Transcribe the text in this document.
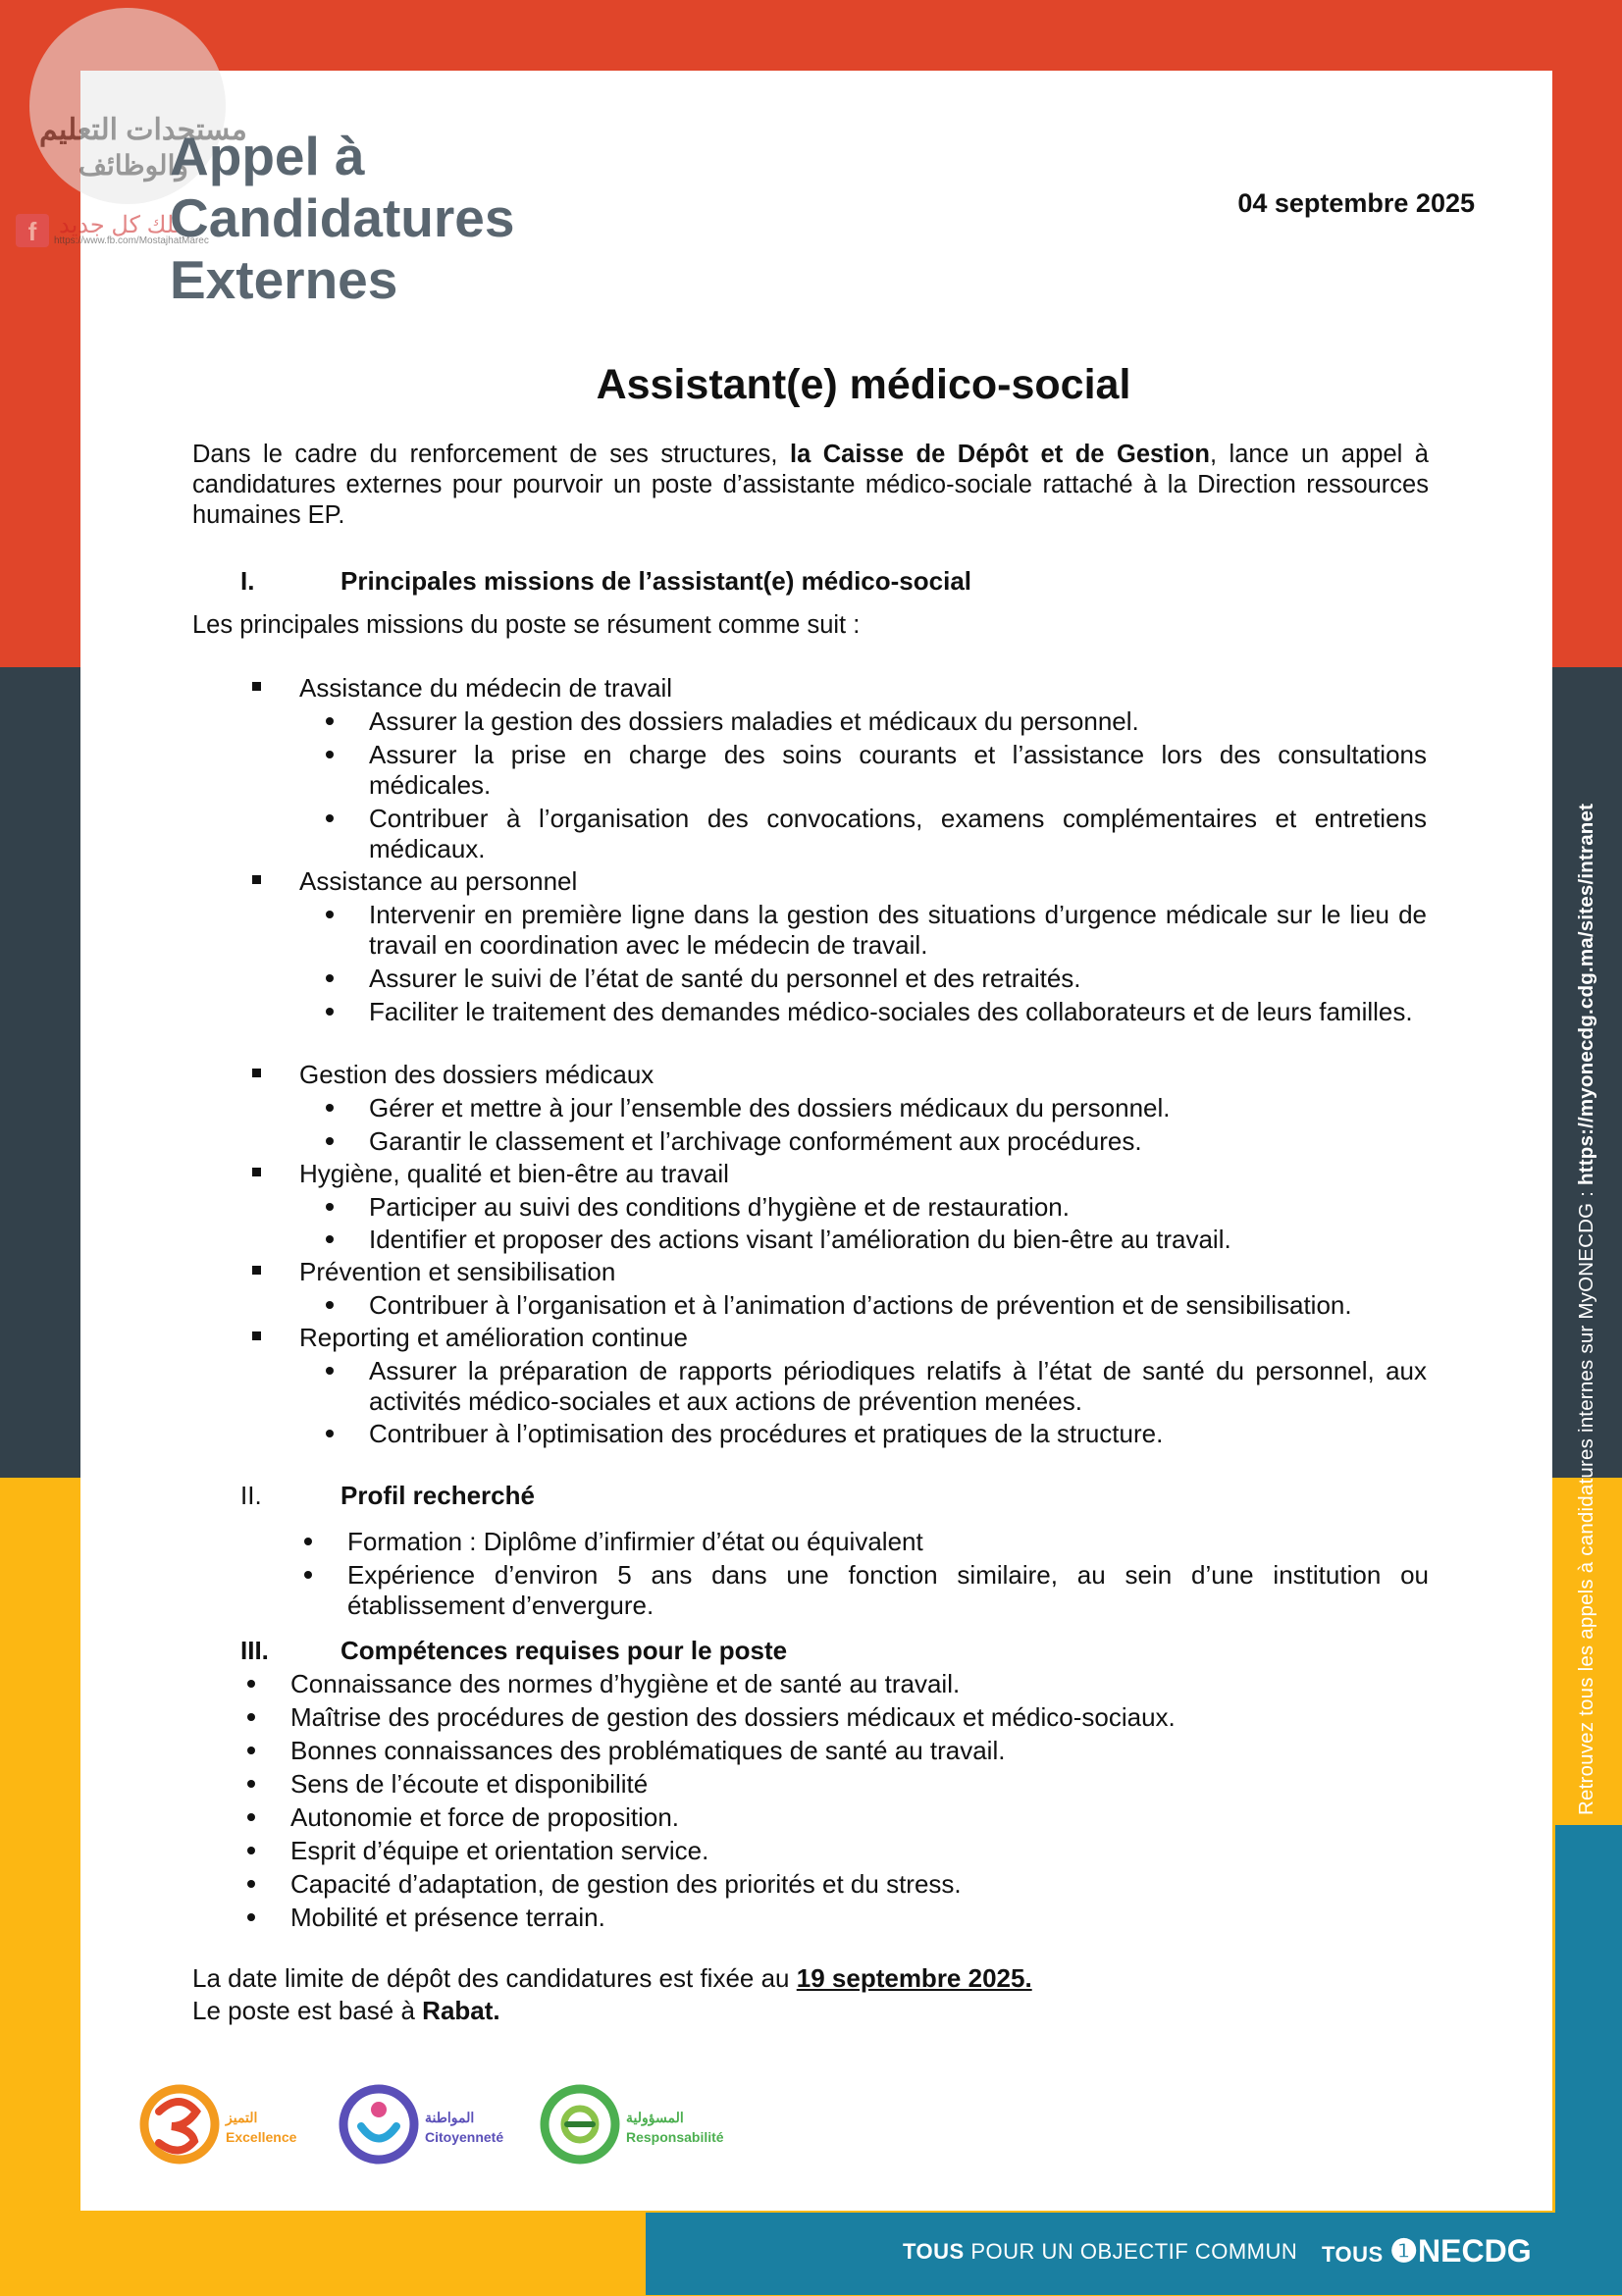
مستجدات التعليم
والوظائف
f نلك كل جديد
https://www.fb.com/MostajhatMarec
Appel à
Candidatures
Externes
04 septembre 2025
Assistant(e) médico-social
Dans le cadre du renforcement de ses structures, la Caisse de Dépôt et de Gestion, lance un appel à candidatures externes pour pourvoir un poste d’assistante médico-sociale rattaché à la Direction ressources humaines EP.
I.	Principales missions de l’assistant(e) médico-social
Les principales missions du poste se résument comme suit :
Assistance du médecin de travail
Assurer la gestion des dossiers maladies et médicaux du personnel.
Assurer la prise en charge des soins courants et l’assistance lors des consultations médicales.
Contribuer à l’organisation des convocations, examens complémentaires et entretiens médicaux.
Assistance au personnel
Intervenir en première ligne dans la gestion des situations d’urgence médicale sur le lieu de travail en coordination avec le médecin de travail.
Assurer le suivi de l’état de santé du personnel et des retraités.
Faciliter le traitement des demandes médico-sociales des collaborateurs et de leurs familles.
Gestion des dossiers médicaux
Gérer et mettre à jour l’ensemble des dossiers médicaux du personnel.
Garantir le classement et l’archivage conformément aux procédures.
Hygiène, qualité et bien-être au travail
Participer au suivi des conditions d’hygiène et de restauration.
Identifier et proposer des actions visant l’amélioration du bien-être au travail.
Prévention et sensibilisation
Contribuer à l’organisation et à l’animation d’actions de prévention et de sensibilisation.
Reporting et amélioration continue
Assurer la préparation de rapports périodiques relatifs à l’état de santé du personnel, aux activités médico-sociales et aux actions de prévention menées.
Contribuer à l’optimisation des procédures et pratiques de la structure.
II.	Profil recherché
Formation : Diplôme d’infirmier d’état ou équivalent
Expérience d’environ 5 ans dans une fonction similaire, au sein d’une institution ou établissement d’envergure.
III.	Compétences requises pour le poste
Connaissance des normes d’hygiène et de santé au travail.
Maîtrise des procédures de gestion des dossiers médicaux et médico-sociaux.
Bonnes connaissances des problématiques de santé au travail.
Sens de l’écoute et disponibilité
Autonomie et force de proposition.
Esprit d’équipe et orientation service.
Capacité d’adaptation, de gestion des priorités et du stress.
Mobilité et présence terrain.
La date limite de dépôt des candidatures est fixée au 19 septembre 2025.
Le poste est basé à Rabat.
Retrouvez tous les appels à candidatures internes sur MyONECDG : https://myonecdg.cdg.ma/sites/intranet
التميز
Excellence
المواطنة
Citoyenneté
المسؤولية
Responsabilité
TOUS POUR UN OBJECTIF COMMUN TOUS ❶NECDG
